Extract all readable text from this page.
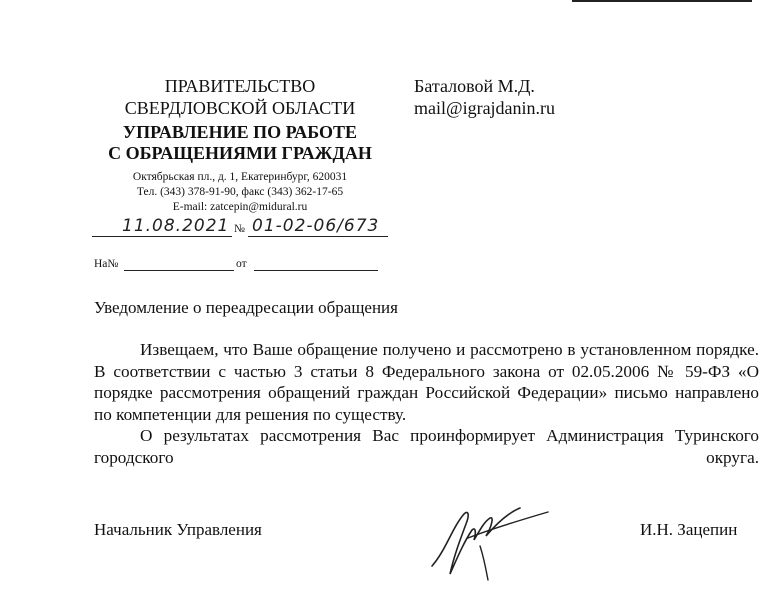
ПРАВИТЕЛЬСТВО
СВЕРДЛОВСКОЙ ОБЛАСТИ
УПРАВЛЕНИЕ ПО РАБОТЕ
С ОБРАЩЕНИЯМИ ГРАЖДАН
Октябрьская пл., д. 1, Екатеринбург, 620031
Тел. (343) 378-91-90, факс (343) 362-17-65
E-mail: zatcepin@midural.ru
Баталовой М.Д.
mail@igrajdanin.ru
11.08.2021 № 01-02-06/673
На№	от
Уведомление о переадресации обращения

Извещаем, что Ваше обращение получено и рассмотрено в установленном порядке. В соответствии с частью 3 статьи 8 Федерального закона от 02.05.2006 № 59-ФЗ «О порядке рассмотрения обращений граждан Российской Федерации» письмо направлено по компетенции для решения по существу.

О результатах рассмотрения Вас проинформирует Администрация Туринского городского округа.

Начальник Управления	И.Н. Зацепин
